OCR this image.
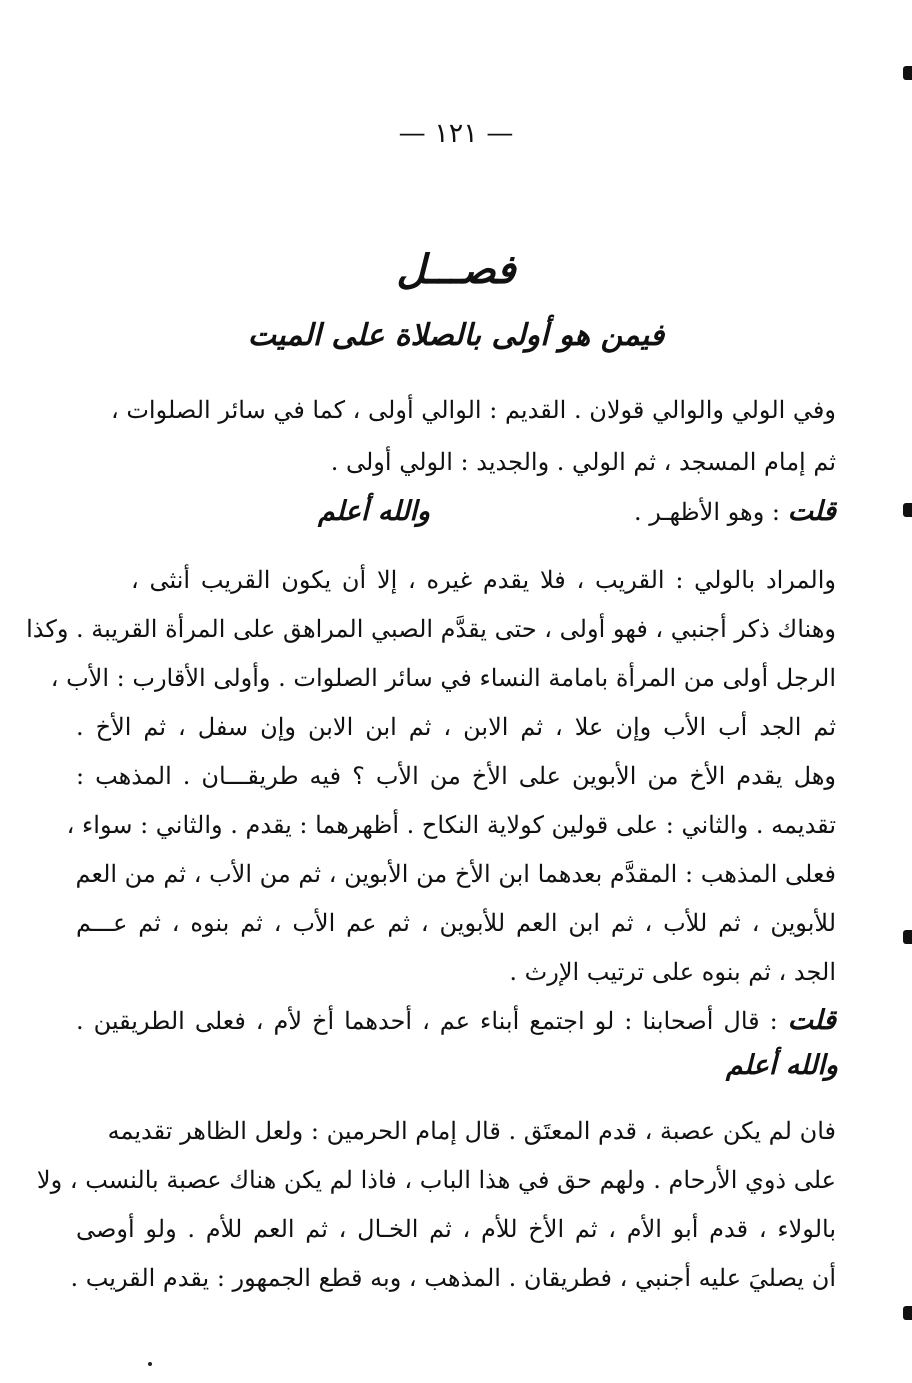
— ١٢١ —
فصـــل
فيمن هو أولى بالصلاة على الميت
وفي الولي والوالي قولان . القديم : الوالي أولى ، كما في سائر الصلوات ،
ثم إمام المسجد ، ثم الولي . والجديد : الولي أولى .
قلت : وهو الأظهـر .
والله أعلم
والمراد بالولي : القريب ، فلا يقدم غيره ، إلا أن يكون القريب أنثى ،
وهناك ذكر أجنبي ، فهو أولى ، حتى يقدَّم الصبي المراهق على المرأة القريبة . وكذا
الرجل أولى من المرأة بامامة النساء في سائر الصلوات . وأولى الأقارب : الأب ،
ثم الجد أب الأب وإن علا ، ثم الابن ، ثم ابن الابن وإن سفل ، ثم الأخ .
وهل يقدم الأخ من الأبوين على الأخ من الأب ؟ فيه طريقـــان . المذهب :
تقديمه . والثاني : على قولين كولاية النكاح . أظهرهما : يقدم . والثاني : سواء ،
فعلى المذهب : المقدَّم بعدهما ابن الأخ من الأبوين ، ثم من الأب ، ثم من العم
للأبوين ، ثم للأب ، ثم ابن العم للأبوين ، ثم عم الأب ، ثم بنوه ، ثم عـــم
الجد ، ثم بنوه على ترتيب الإرث .
قلت : قال أصحابنا : لو اجتمع أبناء عم ، أحدهما أخ لأم ، فعلى الطريقين .
والله أعلم
فان لم يكن عصبة ، قدم المعتَق . قال إمام الحرمين : ولعل الظاهر تقديمه
على ذوي الأرحام . ولهم حق في هذا الباب ، فاذا لم يكن هناك عصبة بالنسب ، ولا
بالولاء ، قدم أبو الأم ، ثم الأخ للأم ، ثم الخـال ، ثم العم للأم . ولو أوصى
أن يصليَ عليه أجنبي ، فطريقان . المذهب ، وبه قطع الجمهور : يقدم القريب .
